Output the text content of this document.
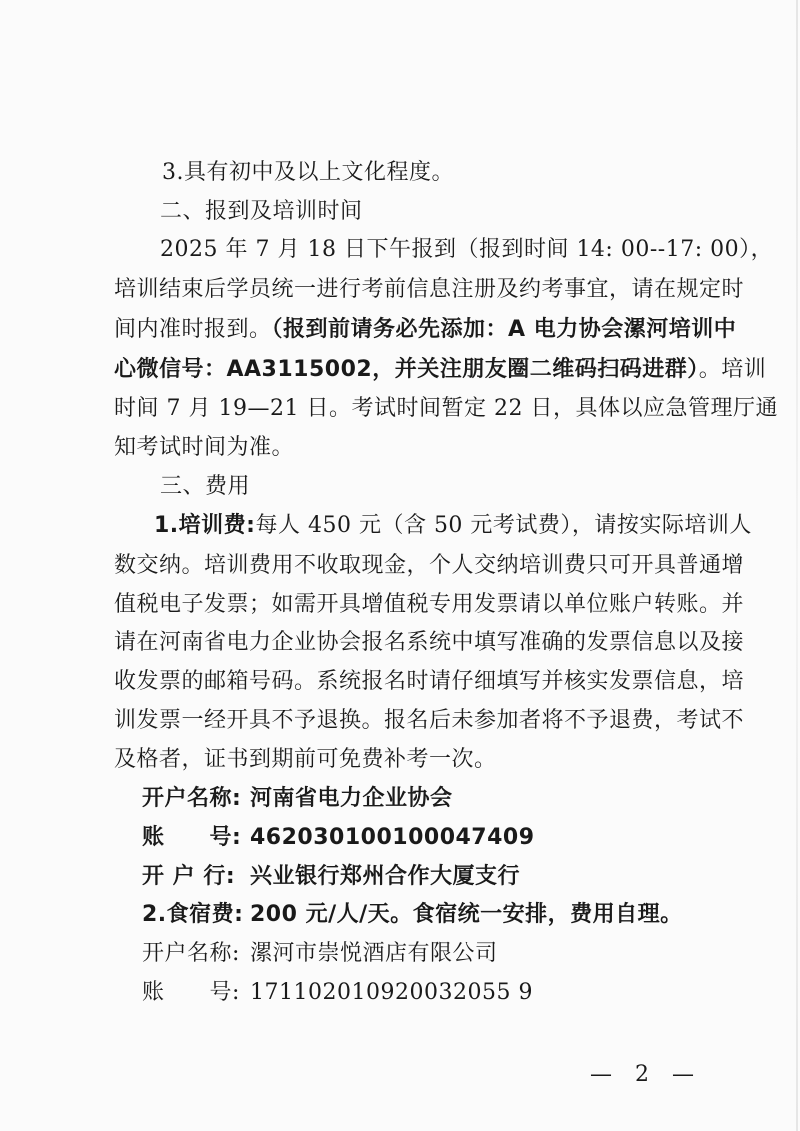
3.具有初中及以上文化程度。
二、报到及培训时间
2025 年 7 月 18 日下午报到（报到时间 14: 00--17: 00），
培训结束后学员统一进行考前信息注册及约考事宜，请在规定时
间内准时报到。（报到前请务必先添加：A 电力协会漯河培训中
心微信号：AA3115002，并关注朋友圈二维码扫码进群）。培训
时间 7 月 19—21 日。考试时间暂定 22 日，具体以应急管理厅通
知考试时间为准。
三、费用
1.培训费:每人 450 元（含 50 元考试费），请按实际培训人
数交纳。培训费用不收取现金，个人交纳培训费只可开具普通增
值税电子发票；如需开具增值税专用发票请以单位账户转账。并
请在河南省电力企业协会报名系统中填写准确的发票信息以及接
收发票的邮箱号码。系统报名时请仔细填写并核实发票信息，培
训发票一经开具不予退换。报名后未参加者将不予退费，考试不
及格者，证书到期前可免费补考一次。
开户名称: 河南省电力企业协会
账　　号: 462030100100047409
开 户 行: 兴业银行郑州合作大厦支行
2.食宿费: 200 元/人/天。食宿统一安排，费用自理。
开户名称: 漯河市崇悦酒店有限公司
账　　号: 171102010920032055 9
— 2 —
